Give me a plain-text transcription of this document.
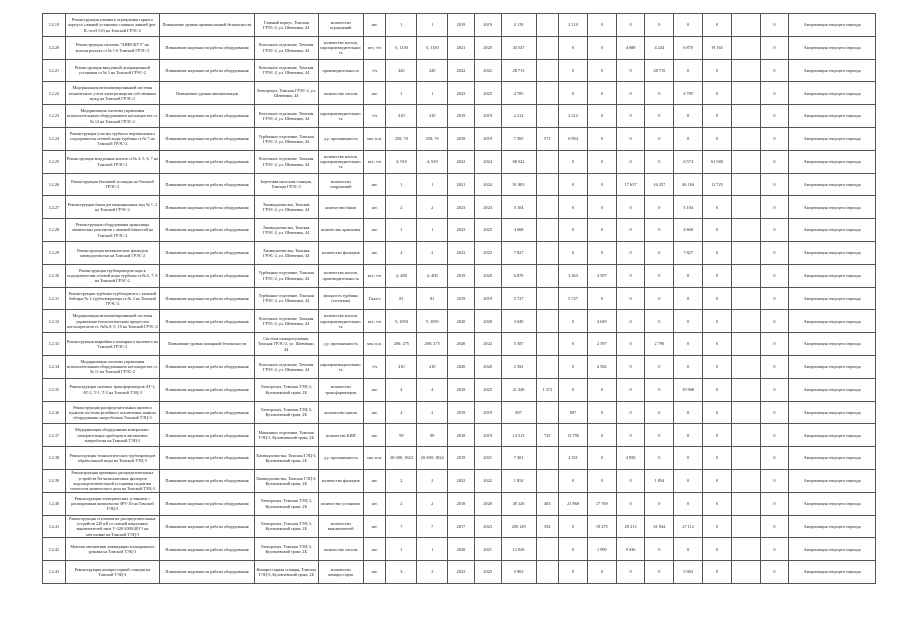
3.2.19	Реконструкция уличного ограждения горного корпуса сливной установки сливных ливней (рег. IL-лоз3-Сб) на Томской ГРЭС-2	Повышение уровня промышленной безопасности	Главный корпус, Томская ГРЭС-2, ул. Шевченко, 44	количество ограждений	шт.	1	1	2019	2019	2 119		2 119	0	0	0	0	0		0	Амортизация текущего периода
3.2.20	Реконструкция системы "АИИСКУЭ" на котлоагрегатах ст.№ 1-6 Томской ГРЭС-2	Повышение надежности работы оборудования	Котельное отделение, Томская ГРЭС-2, ул. Шевченко, 44	количество котлов, паропроизводительность	шт.; т/ч	5; 1150	5; 1150	2021	2025	34 547		0	0	4 688	4 224	6 870	19 165		0	Амортизация текущего периода
3.2.21	Реконструкция вакуумной деаэрационной установки ст.№ 3 на Томской ГРЭС-2	Повышение надежности работы оборудования	Котельное отделение, Томская ГРЭС-2, ул. Шевченко, 44	производительность	т/ч	220	220	2022	2022	28 715		0	0	0	28 715	0	0		0	Амортизация текущего периода
3.2.22	Модернизация автоматизированной системы технического учета электроэнергии собственных нужд на Томской ГРЭС-2	Повышение уровня автоматизации	Электроцех, Томская ГРЭС-2, ул. Шевченко, 44	количество систем	шт.	1	1	2023	2023	4 785		0	0	0	0	4 785	0		0	Амортизация текущего периода
3.2.23	Модернизация системы управления вспомогательным оборудованием котлоагрегата ст. № 12 на Томской ГРЭС-2	Повышение надежности работы оборудования	Котельное отделение, Томская ГРЭС-2, ул. Шевченко, 44	паропроизводительность	т/ч	210	210	2019	2019	2 212		2 212	0	0	0	0	0		0	Амортизация текущего периода
3.2.24	Реконструкция участка трубного вертикального подогревателя сетевой воды турбины ст.№ 7 на Томской ГРЭС-2	Повышение надежности работы оборудования	Турбинное отделение, Томская ГРЭС-2, ул. Шевченко, 44	д.у. протяженность	мм; п.м.	250; 70	250; 70	2018	2019	7 565	571	6 994	0	0	0	0	0		0	Амортизация текущего периода
3.2.25	Реконструкция воздушных котлов ст.№ 4, 5, 6, 7 на Томской ГРЭС-2	Повышение надежности работы оборудования	Котельное отделение, Томская ГРЭС-2, ул. Шевченко, 44	количество котлов, паропроизводительность	шт.; т/ч	4; 910	4; 910	2022	2024	68 522		0	0	0	0	6 574	61 948		0	Амортизация текущего периода
3.2.26	Реконструкция бетонной эстакады на Томской ГРЭС-2	Повышение надежности работы оборудования	Береговая насосная станция, Томская ГРЭС-2	количество сооружений	шт.	1	1	2021	2024	91 803		0	0	17 637	16 257	46 184	11 725		0	Амортизация текущего периода
3.2.27	Реконструкция баков регенерационных вод № 1, 2 на Томской ГРЭС-2	Повышение надежности работы оборудования	Химводоочистка, Томская ГРЭС-2, ул. Шевченко, 44	количество баков	шт.	2	2	2023	2023	5 104		0	0	0	0	5 104	0		0	Амортизация текущего периода
3.2.28	Реконструкция оборудования хранилища химических реагентов с заменой ёмкостей на Томской ГРЭС-2	Повышение надежности работы оборудования	Химводоочистка, Томская ГРЭС-2, ул. Шевченко, 44	количество хранилищ	шт.	1	1	2023	2023	4 668		0	0	0	0	4 668	0		0	Амортизация текущего периода
3.2.29	Реконструкция механических фильтров химводоочистки на Томской ГРЭС-2	Повышение надежности работы оборудования	Химводоочистка, Томская ГРЭС-2, ул. Шевченко, 44	количество фильтров	шт.	2	2	2023	2023	7 827		0	0	0	0	7 827	0		0	Амортизация текущего периода
3.2.30	Реконструкция трубопроводов пара к подогревателям сетевой воды турбины ст.№ 6, 7, 8 на Томской ГРЭС-2	Повышение надежности работы оборудования	Турбинное отделение, Томская ГРЭС-2, ул. Шевченко, 44	количество котлов, производительность	шт.; т/ч	2; 400	2; 400	2019	2020	6 870		3 363	3 507	0	0	0	0		0	Амортизация текущего периода
3.2.31	Реконструкция турбины турбоагрегата с заменой бойлера № 2 турбогенератора ст.№ 3 на Томской ГРЭС-2	Повышение надежности работы оборудования	Турбинное отделение, Томская ГРЭС-2, ул. Шевченко, 44	мощность турбины (тепловая)	Гкал/ч	81	81	2019	2019	5 727		5 727	0	0	0	0	0		0	Амортизация текущего периода
3.2.32	Модернизация автоматизированной системы управления технологическим процессом котлоагрегатов ст. №№ 8, 9, 10 на Томской ГРЭС-2	Повышение надежности работы оборудования	Котельное отделение, Томская ГРЭС-2, ул. Шевченко, 44	количество котлов, паропроизводительность	шт.; т/ч	5; 1050	5; 1050	2020	2020	3 049		0	3 049	0	0	0	0		0	Амортизация текущего периода
3.2.33	Реконструкция аварийного пожарного щелевого на Томской ГРЭС-2	Повышение уровня пожарной безопасности	Система пожаротушения, Томская ГРЭС-2, ул. Шевченко, 44	д.у. протяженность	мм; п.м.	200; 275	200; 275	2020	2022	5 387		0	2 597	0	2 790	0	0		0	Амортизация текущего периода
3.2.34	Модернизация системы управления вспомогательным оборудованием котлоагрегата ст. № 11 на Томской ГРЭС-2	Повышение надежности работы оборудования	Котельное отделение, Томская ГРЭС-2, ул. Шевченко, 44	паропроизводительность	т/ч	210	210	2020	2020	2 582		0	2 582	0	0	0	0		0	Амортизация текущего периода
3.2.35	Реконструкция силовых трансформаторов АТ-1, АТ-2, Т-1, Т-2 на Томской ТЭЦ-3	Повышение надежности работы оборудования	Электроцех, Томская ТЭЦ-3, Кузовлевский тракт, 2Б	количество трансформаторов	шт.	4	4	2018	2023	21 340	1 372	0	0	0	0	19 968	0		0	Амортизация текущего периода
3.2.36	Реконструкция распределительных щитов и пунктов системы релейного отключения защиты оборудования энергоблоков Томской ТЭЦ-3	Повышение надежности работы оборудования	Электроцех, Томская ТЭЦ-3, Кузовлевский тракт, 2Б	количество щитов	шт.	2	2	2019	2019	807		807	0	0	0	0	0		0	Амортизация текущего периода
3.2.37	Модернизация оборудования контрольно-измерительных приборов и автоматики энергоблока на Томской ТЭЦ-3	Повышение надежности работы оборудования	Машинное отделение, Томская ТЭЦ-3, Кузовлевский тракт, 2Б	количество КИП	шт.	99	99	2018	2019	14 515	725	13 790	0	0	0	0	0		0	Амортизация текущего периода
3.2.38	Реконструкция технологических трубопроводов обработанной воды на Томской ТЭЦ-3	Повышение надежности работы оборудования	Химводоочистка, Томская ТЭЦ-3, Кузовлевский тракт, 2Б	д.у. протяженность	мм; п.м.	20-300; 1824	20-300; 1824	2019	2021	7 301		2 351	0	4 950	0	0	0		0	Амортизация текущего периода
3.2.39	Реконструкция приемных распределительных устройств Na-катионитовых фильтров водоподготовительной установки подпитки теплосети химического цеха на Томской ТЭЦ-3	Повышение надежности работы оборудования	Химводоочистка, Томская ТЭЦ-3, Кузовлевский тракт, 2Б	количество фильтров	шт.	2	2	2022	2022	1 854		0	0	0	1 854	0	0		0	Амортизация текущего периода
3.2.40	Реконструкция электрических установок с расширенным комплексом ЗРУ-10 на Томской ТЭЦ-3	Повышение надежности работы оборудования	Электроцех, Томская ТЭЦ-3, Кузовлевский тракт, 2Б	количество установок	шт.	2	2	2018	2020	40 120	483	21 868	17 769	0	0	0	0		0	Амортизация текущего периода
3.2.41	Реконструкция ступенчатых распределительных устройств 220 кВ со сменой вакуумных выключателей типа У-220-2000/40У1 на элегазовые на Томской ТЭЦ-3	Повышение надежности работы оборудования	Электроцех, Томская ТЭЦ-3, Кузовлевский тракт, 2Б	количество выключателей	шт.	7	7	2017	2023	200 129	392	0	19 275	29 213	61 944	27 112	0		0	Амортизация текущего периода
3.2.42	Монтаж автоматики ликвидации асинхронного режима на Томской ТЭЦ-3	Повышение надежности работы оборудования	Электроцех, Томская ТЭЦ-3, Кузовлевский тракт, 2Б	количество систем	шт.	1	1	2020	2021	12 026		0	1 990	9 036	0	0	0		0	Амортизация текущего периода
3.2.43	Реконструкция компрессорной станции на Томской ТЭЦ-3	Повышение надежности работы оборудования	Компрессорная станция, Томская ТЭЦ-3, Кузовлевский тракт, 2Б	количество компрессоров	шт.	3	3	2023	2023	5 963		0	0	0	0	5 963	0		0	Амортизация текущего периода
